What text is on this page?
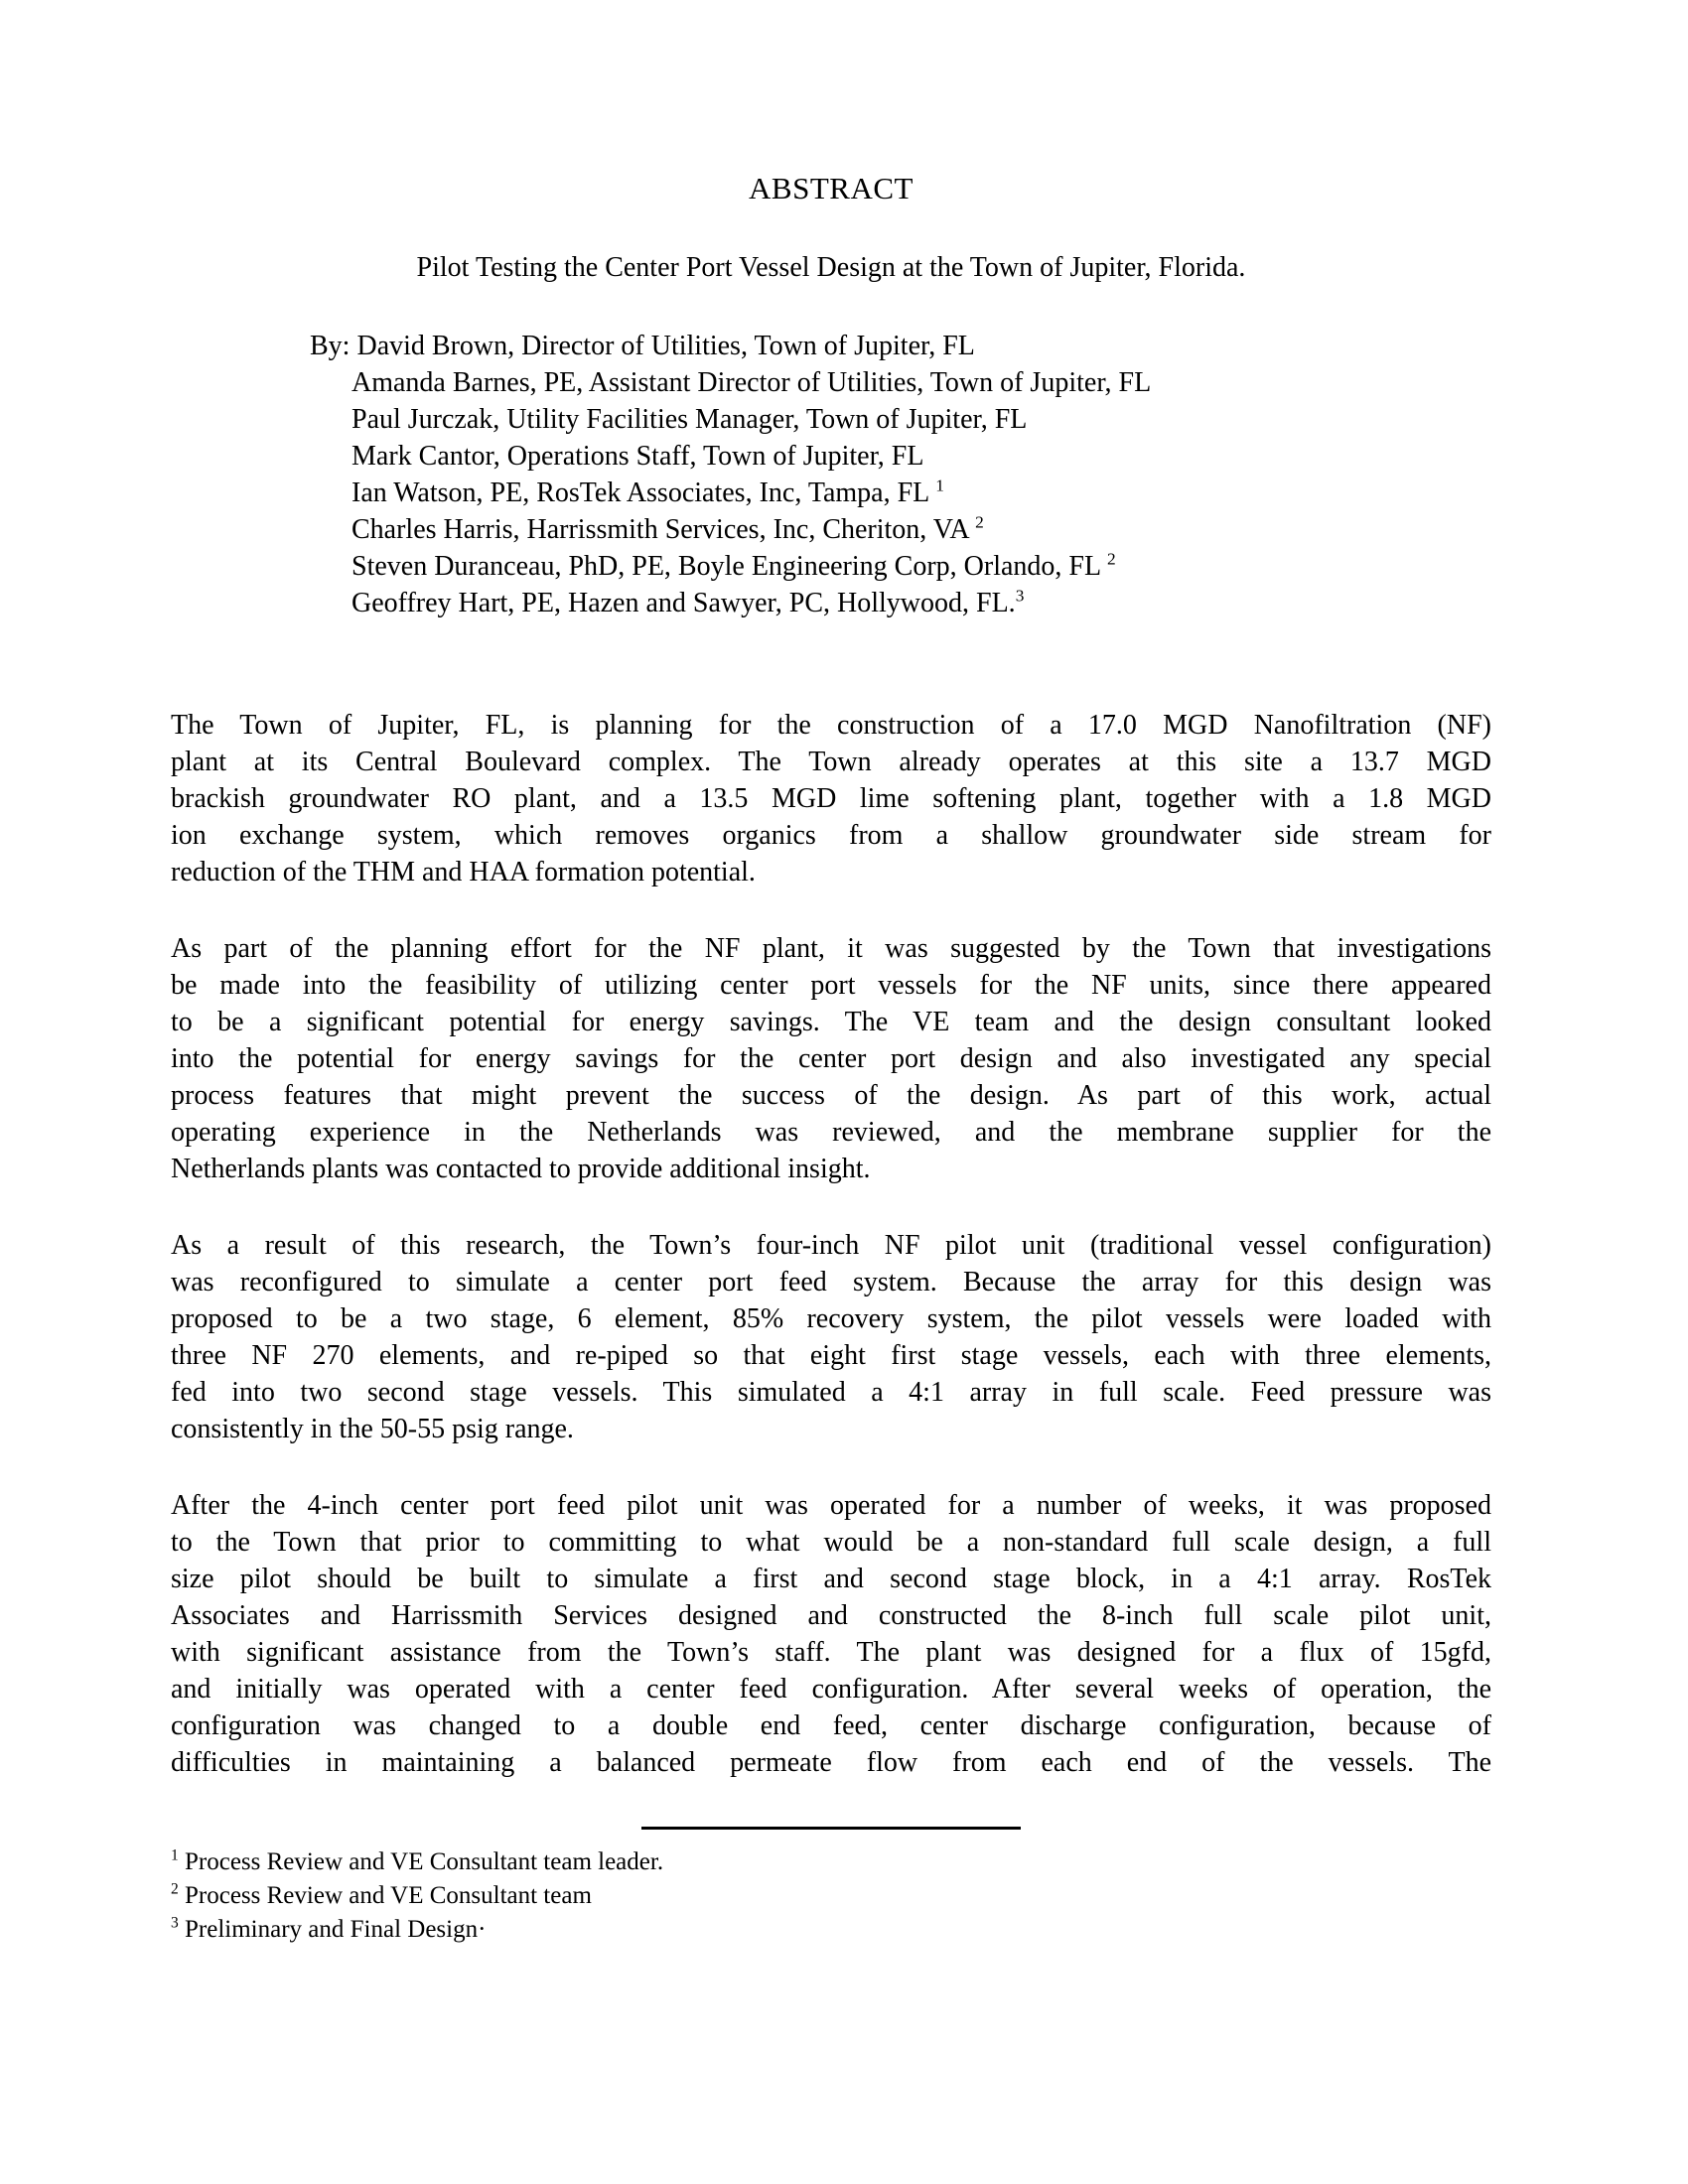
ABSTRACT
Pilot Testing the Center Port Vessel Design at the Town of Jupiter, Florida.
By: David Brown, Director of Utilities, Town of Jupiter, FL
Amanda Barnes, PE, Assistant Director of Utilities, Town of Jupiter, FL
Paul Jurczak, Utility Facilities Manager, Town of Jupiter, FL
Mark Cantor, Operations Staff, Town of Jupiter, FL
Ian Watson, PE, RosTek Associates, Inc, Tampa, FL $^1$
Charles Harris, Harrissmith Services, Inc, Cheriton, VA $^2$
Steven Duranceau, PhD, PE, Boyle Engineering Corp, Orlando, FL $^2$
Geoffrey Hart, PE, Hazen and Sawyer, PC, Hollywood, FL.$^3$
The Town of Jupiter, FL, is planning for the construction of a 17.0 MGD Nanofiltration (NF)
plant at its Central Boulevard complex. The Town already operates at this site a 13.7 MGD
brackish groundwater RO plant, and a 13.5 MGD lime softening plant, together with a 1.8 MGD
ion exchange system, which removes organics from a shallow groundwater side stream for
reduction of the THM and HAA formation potential.
As part of the planning effort for the NF plant, it was suggested by the Town that investigations
be made into the feasibility of utilizing center port vessels for the NF units, since there appeared
to be a significant potential for energy savings. The VE team and the design consultant looked
into the potential for energy savings for the center port design and also investigated any special
process features that might prevent the success of the design. As part of this work, actual
operating experience in the Netherlands was reviewed, and the membrane supplier for the
Netherlands plants was contacted to provide additional insight.
As a result of this research, the Town’s four-inch NF pilot unit (traditional vessel configuration)
was reconfigured to simulate a center port feed system. Because the array for this design was
proposed to be a two stage, 6 element, 85% recovery system, the pilot vessels were loaded with
three NF 270 elements, and re-piped so that eight first stage vessels, each with three elements,
fed into two second stage vessels. This simulated a 4:1 array in full scale. Feed pressure was
consistently in the 50-55 psig range.
After the 4-inch center port feed pilot unit was operated for a number of weeks, it was proposed
to the Town that prior to committing to what would be a non-standard full scale design, a full
size pilot should be built to simulate a first and second stage block, in a 4:1 array. RosTek
Associates and Harrissmith Services designed and constructed the 8-inch full scale pilot unit,
with significant assistance from the Town’s staff. The plant was designed for a flux of 15gfd,
and initially was operated with a center feed configuration. After several weeks of operation, the
configuration was changed to a double end feed, center discharge configuration, because of
difficulties in maintaining a balanced permeate flow from each end of the vessels. The
$^1$ Process Review and VE Consultant team leader.
$^2$ Process Review and VE Consultant team
$^3$ Preliminary and Final Design·
